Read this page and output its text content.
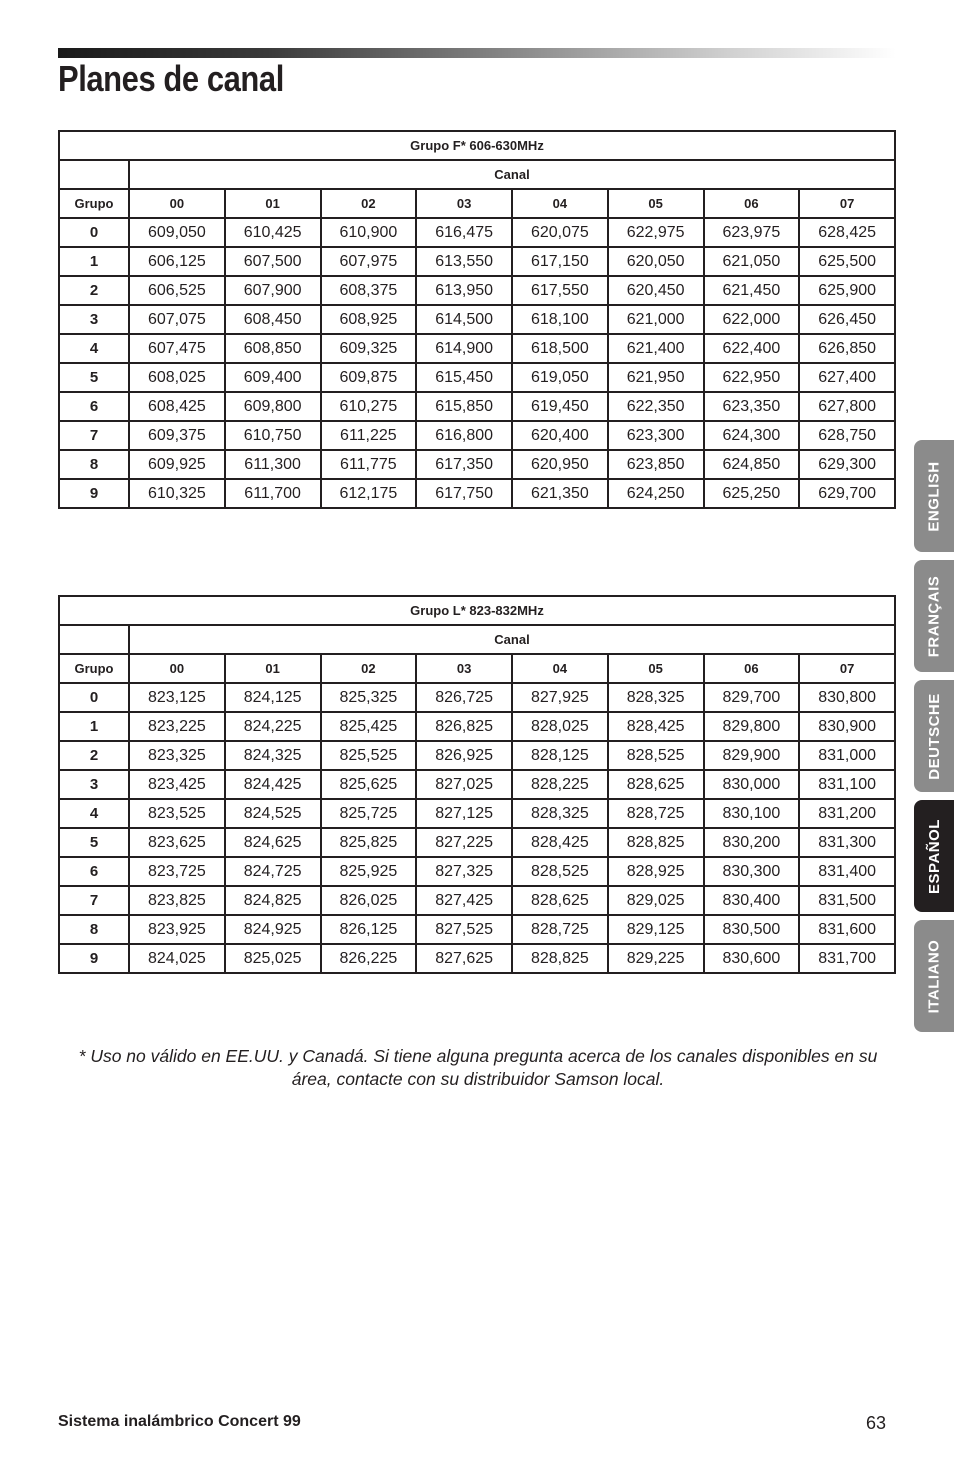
Planes de canal
Grupo F* 606-630MHz								
	Canal							
Grupo	00	01	02	03	04	05	06	07
0	609,050	610,425	610,900	616,475	620,075	622,975	623,975	628,425
1	606,125	607,500	607,975	613,550	617,150	620,050	621,050	625,500
2	606,525	607,900	608,375	613,950	617,550	620,450	621,450	625,900
3	607,075	608,450	608,925	614,500	618,100	621,000	622,000	626,450
4	607,475	608,850	609,325	614,900	618,500	621,400	622,400	626,850
5	608,025	609,400	609,875	615,450	619,050	621,950	622,950	627,400
6	608,425	609,800	610,275	615,850	619,450	622,350	623,350	627,800
7	609,375	610,750	611,225	616,800	620,400	623,300	624,300	628,750
8	609,925	611,300	611,775	617,350	620,950	623,850	624,850	629,300
9	610,325	611,700	612,175	617,750	621,350	624,250	625,250	629,700
Grupo L* 823-832MHz								
	Canal							
Grupo	00	01	02	03	04	05	06	07
0	823,125	824,125	825,325	826,725	827,925	828,325	829,700	830,800
1	823,225	824,225	825,425	826,825	828,025	828,425	829,800	830,900
2	823,325	824,325	825,525	826,925	828,125	828,525	829,900	831,000
3	823,425	824,425	825,625	827,025	828,225	828,625	830,000	831,100
4	823,525	824,525	825,725	827,125	828,325	828,725	830,100	831,200
5	823,625	824,625	825,825	827,225	828,425	828,825	830,200	831,300
6	823,725	824,725	825,925	827,325	828,525	828,925	830,300	831,400
7	823,825	824,825	826,025	827,425	828,625	829,025	830,400	831,500
8	823,925	824,925	826,125	827,525	828,725	829,125	830,500	831,600
9	824,025	825,025	826,225	827,625	828,825	829,225	830,600	831,700

* Uso no válido en EE.UU. y Canadá. Si tiene alguna pregunta acerca de los canales disponibles en su área, contacte con su distribuidor Samson local.

Sistema inalámbrico Concert 99	63
ENGLISH
FRANÇAIS
DEUTSCHE
ESPAÑOL
ITALIANO
